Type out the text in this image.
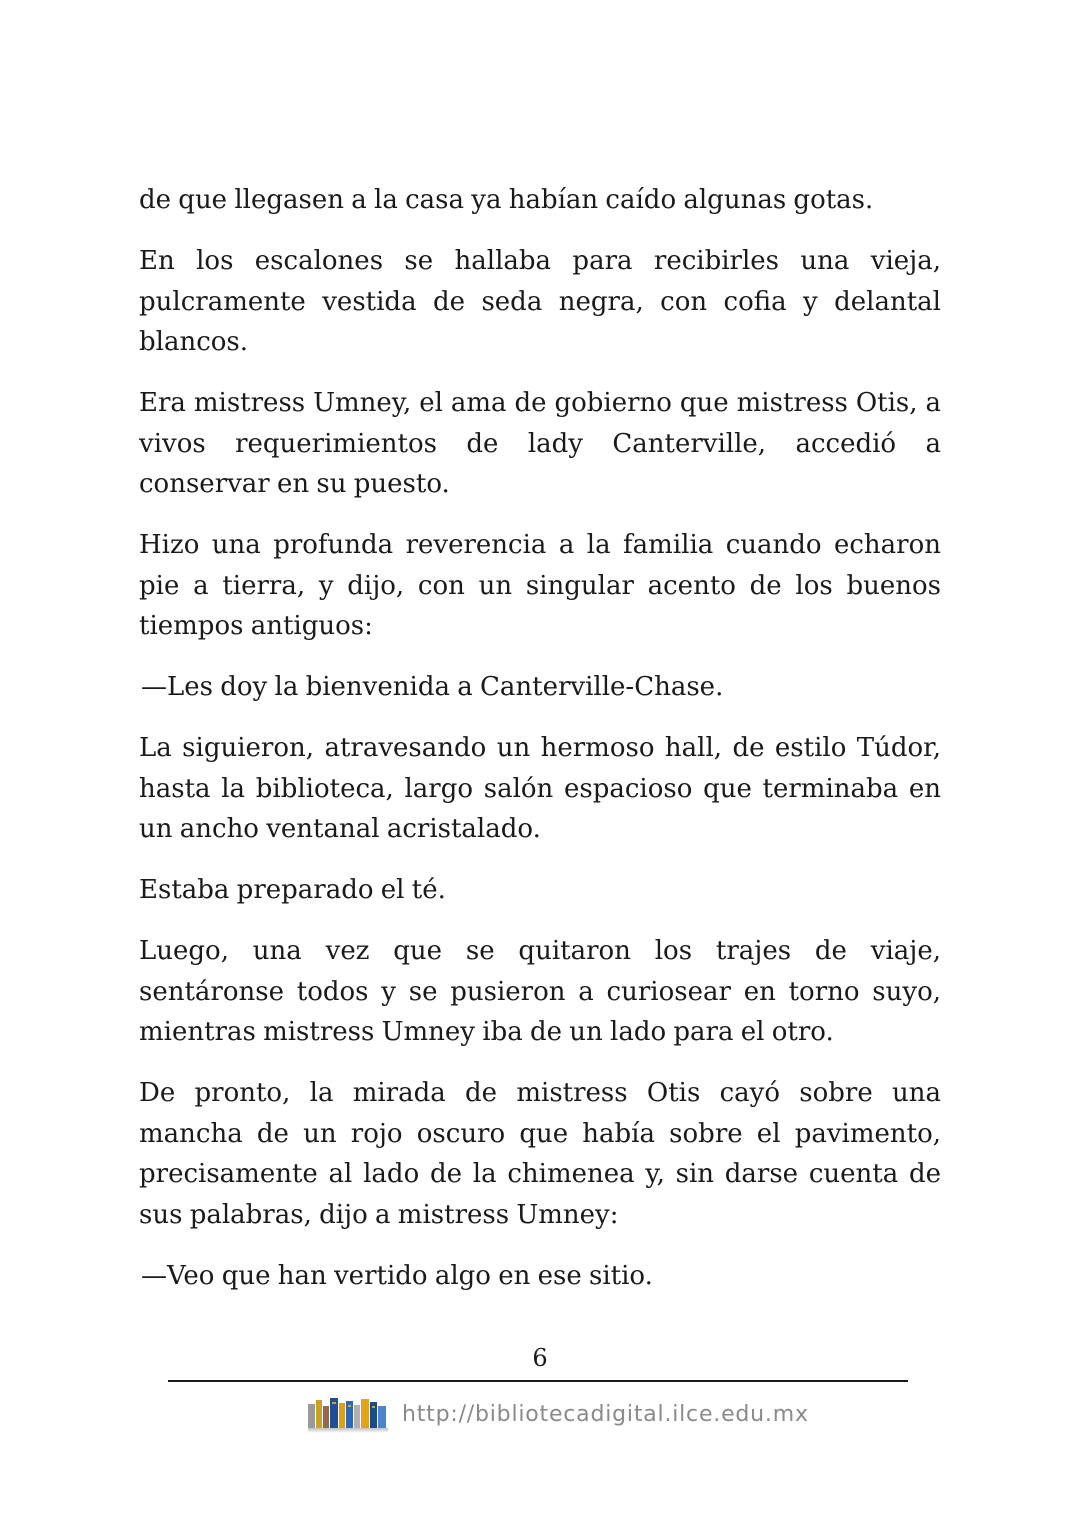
de que llegasen a la casa ya habían caído algunas gotas.

En los escalones se hallaba para recibirles una vieja, pulcramente vestida de seda negra, con cofia y delantal blancos.

Era mistress Umney, el ama de gobierno que mistress Otis, a vivos requerimientos de lady Canterville, accedió a conservar en su puesto.

Hizo una profunda reverencia a la familia cuando echaron pie a tierra, y dijo, con un singular acento de los buenos tiempos antiguos:

—Les doy la bienvenida a Canterville-Chase.

La siguieron, atravesando un hermoso hall, de estilo Túdor, hasta la biblioteca, largo salón espacioso que terminaba en un ancho ventanal acristalado.

Estaba preparado el té.

Luego, una vez que se quitaron los trajes de viaje, sentáronse todos y se pusieron a curiosear en torno suyo, mientras mistress Umney iba de un lado para el otro.

De pronto, la mirada de mistress Otis cayó sobre una mancha de un rojo oscuro que había sobre el pavimento, precisamente al lado de la chimenea y, sin darse cuenta de sus palabras, dijo a mistress Umney:

—Veo que han vertido algo en ese sitio.

6
http://bibliotecadigital.ilce.edu.mx
